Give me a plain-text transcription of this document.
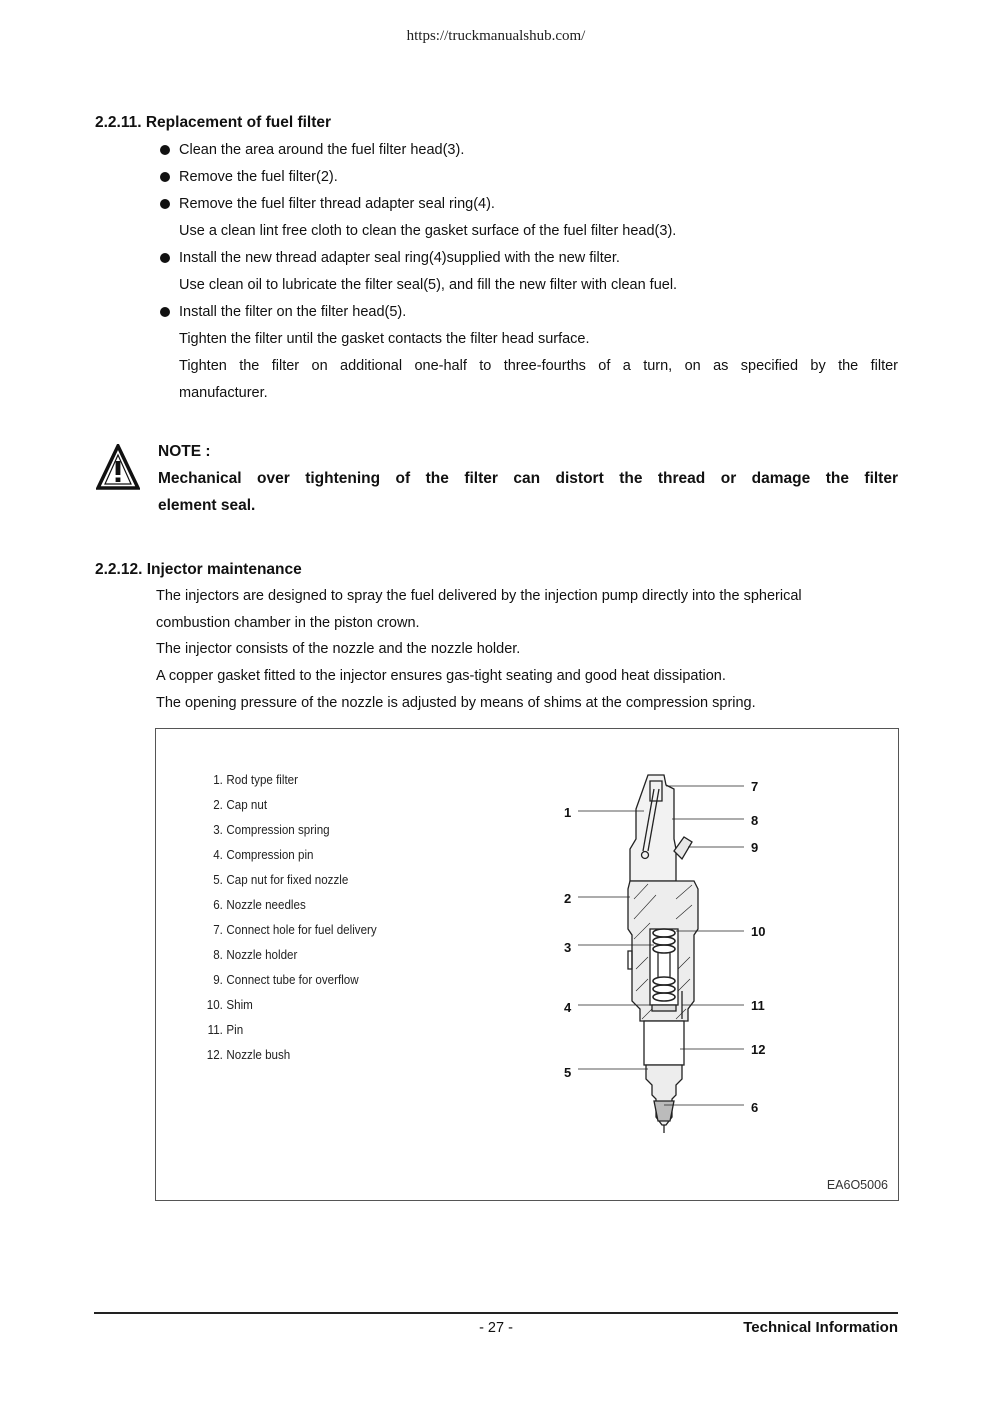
https://truckmanualshub.com/
2.2.11. Replacement of fuel filter
Clean the area around the fuel filter head(3).
Remove the fuel filter(2).
Remove the fuel filter thread adapter seal ring(4).
Use a clean lint free cloth to clean the gasket surface of the fuel filter head(3).
Install the new thread adapter seal ring(4)supplied with the new filter.
Use clean oil to lubricate the filter seal(5), and fill the new filter with clean fuel.
Install the filter on the filter head(5).
Tighten the filter until the gasket contacts the filter head surface.
Tighten the filter on additional one-half to three-fourths of a turn, on as specified by the filter
manufacturer.
NOTE :
Mechanical over tightening of the filter can distort the thread or damage the filter
element seal.
2.2.12. Injector maintenance
The injectors are designed to spray the fuel delivered by the injection pump directly into the spherical
combustion chamber in the piston crown.
The injector consists of the nozzle and the nozzle holder.
A copper gasket fitted to the injector ensures gas-tight seating and good heat dissipation.
The opening pressure of the nozzle is adjusted by means of shims at the compression spring.
1. Rod type filter
2. Cap nut
3. Compression spring
4. Compression pin
5. Cap nut for fixed nozzle
6. Nozzle needles
7. Connect hole for fuel delivery
8. Nozzle holder
9. Connect tube for overflow
10. Shim
11. Pin
12. Nozzle bush
1
2
3
4
5
7
8
9
10
11
12
6
EA6O5006
- 27 -	Technical Information
